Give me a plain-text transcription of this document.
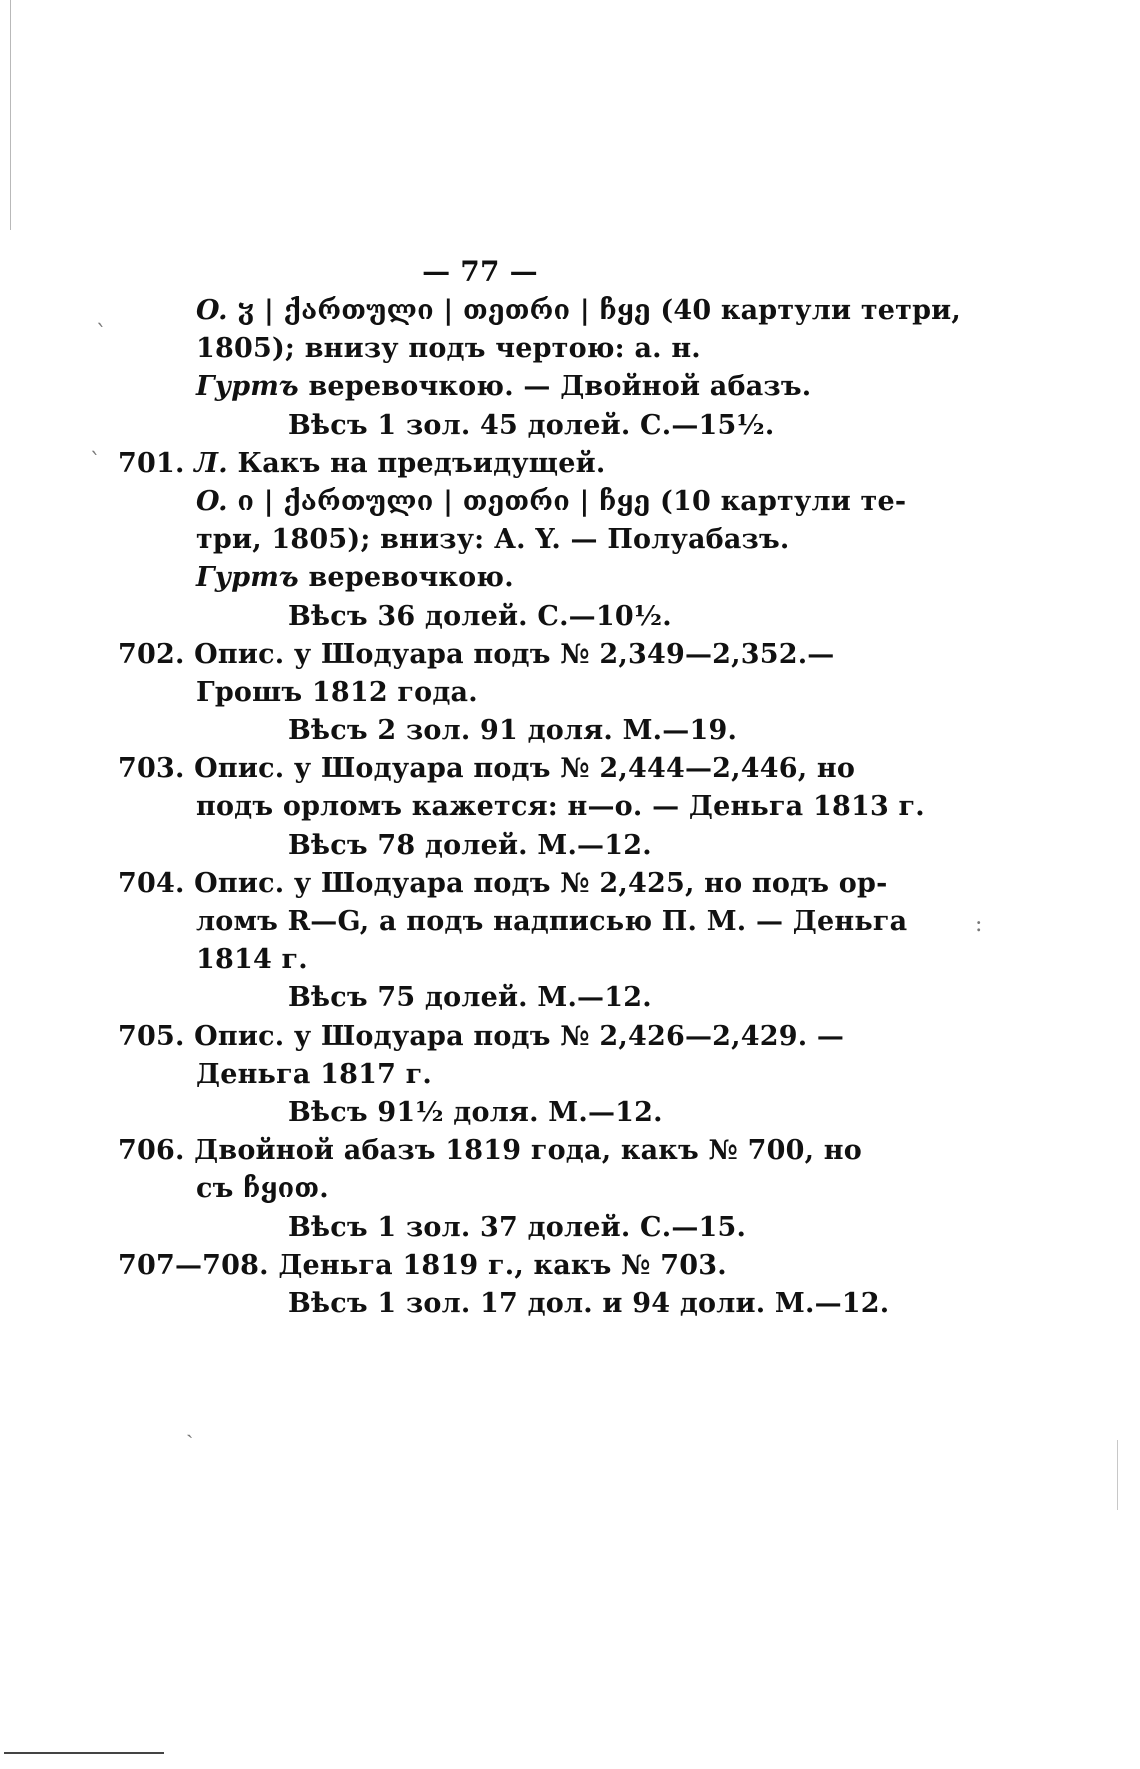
ˋ
ˋ
:
ˏ
— 77 —
O. ჳ | ქართული | თეთრი | ჩყე (40 картули тетри,
1805); внизу подъ чертою: а. н.
Гуртъ веревочкою. — Двойной абазъ.
Вѣсъ 1 зол. 45 долей. С.—15½.
701. Л. Какъ на предъидущей.
O. ი | ქართული | თეთრი | ჩყე (10 картули те-
три, 1805); внизу: А. Y. — Полуабазъ.
Гуртъ веревочкою.
Вѣсъ 36 долей. С.—10½.
702. Опис. у Шодуара подъ № 2,349—2,352.—
Грошъ 1812 года.
Вѣсъ 2 зол. 91 доля. М.—19.
703. Опис. у Шодуара подъ № 2,444—2,446, но
подъ орломъ кажется: н—о. — Деньга 1813 г.
Вѣсъ 78 долей. М.—12.
704. Опис. у Шодуара подъ № 2,425, но подъ ор-
ломъ R—G, а подъ надписью П. М. — Деньга
1814 г.
Вѣсъ 75 долей. М.—12.
705. Опис. у Шодуара подъ № 2,426—2,429. —
Деньга 1817 г.
Вѣсъ 91½ доля. М.—12.
706. Двойной абазъ 1819 года, какъ № 700, но
съ ჩყით.
Вѣсъ 1 зол. 37 долей. С.—15.
707—708. Деньга 1819 г., какъ № 703.
Вѣсъ 1 зол. 17 дол. и 94 доли. М.—12.
